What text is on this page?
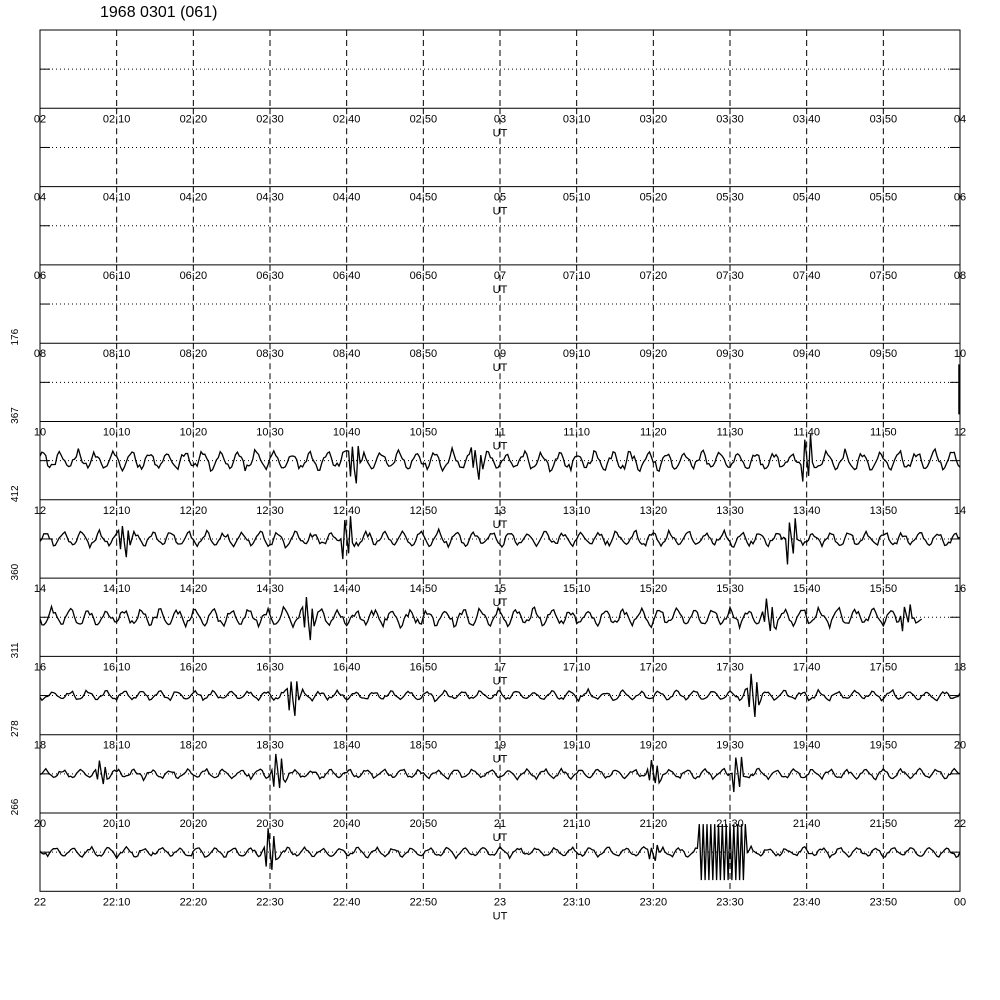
1968 0301 (061)
02	02:10	02:20	02:30	02:40	02:50	03	03:10	03:20	03:30	03:40	03:50	04
UT
04	04:10	04:20	04:30	04:40	04:50	05	05:10	05:20	05:30	05:40	05:50	06
UT
06	06:10	06:20	06:30	06:40	06:50	07	07:10	07:20	07:30	07:40	07:50	08
UT
08	08:10	08:20	08:30	08:40	08:50	09	09:10	09:20	09:30	09:40	09:50	10
UT
176
10	10:10	10:20	10:30	10:40	10:50	11	11:10	11:20	11:30	11:40	11:50	12
UT
367
12	12:10	12:20	12:30	12:40	12:50	13	13:10	13:20	13:30	13:40	13:50	14
UT
412
14	14:10	14:20	14:30	14:40	14:50	15	15:10	15:20	15:30	15:40	15:50	16
UT
360
16	16:10	16:20	16:30	16:40	16:50	17	17:10	17:20	17:30	17:40	17:50	18
UT
311
18	18:10	18:20	18:30	18:40	18:50	19	19:10	19:20	19:30	19:40	19:50	20
UT
278
20	20:10	20:20	20:30	20:40	20:50	21	21:10	21:20	21:30	21:40	21:50	22
UT
266
22	22:10	22:20	22:30	22:40	22:50	23	23:10	23:20	23:30	23:40	23:50	00
UT
